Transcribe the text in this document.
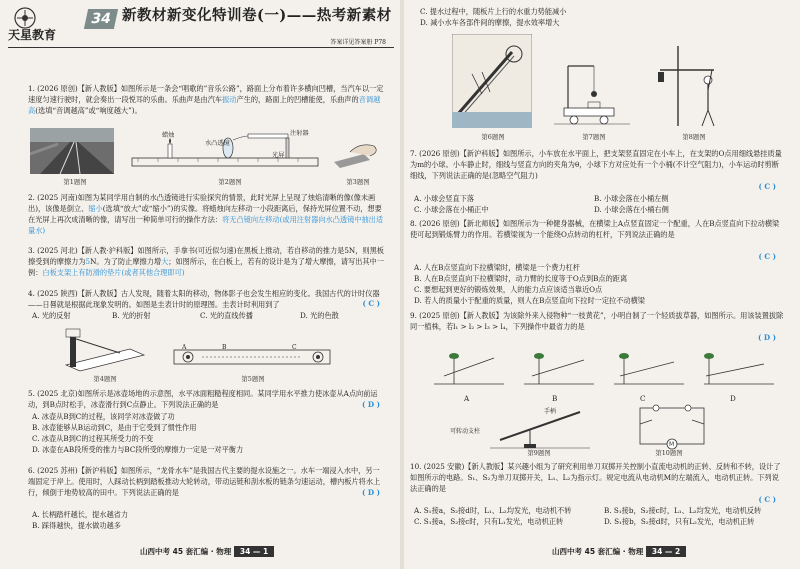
天星教育
34 新教材新变化特训卷(一)——热考新素材
答案详见答案册 P78
1. (2026 原创)【新人教版】如图所示是一条会“唱歌的”音乐公路”，路面上分布着许多横向凹槽，当汽车以一定速度匀速行驶时，就会奏出一段悦耳的乐曲。乐曲声是由汽车振动产生的，路面上的凹槽能使，乐曲声的音调越高(选填“音调越高”或“响度越大”)。
第1题图
蜡烛
水凸透镜
注射器
光屏
第2题图	第3题图
2. (2025 河南)如图为某同学用自制的水凸透镜进行实验探究的情景，此时光屏上呈现了烛焰清晰的像(像未画出)，该像是倒立、缩小(选填“放大”或“缩小”)的实像。将蜡烛向左移动一小段距离后，保持光屏位置不动，想要在光屏上再次成清晰的像，请写出一种简单可行的操作方法：将无凸镜向左移动(或用注射器向水凸透镜中抽出适量水)
3. (2025 河北)【新人教·沪科版】如图所示，手拿书(可近似匀速)在黑板上推动，若自移动的推力是5N，则黑板擦受到的摩擦力为5N。为了防止摩擦力增大；如图所示，在白板上，若有的设计是为了增大摩擦，请写出其中一例：白板支架上有防滑的垫片(或者其他合理即可)
4. (2025 陕西)【新人教版】古人发现，随着太阳的移动，物体影子也会发生相应的变化。我国古代的计时仪器——日晷就是根据此现象发明的。如图是圭表计时的原理图。圭表计时利用到了	( C )
A. 光的反射	B. 光的折射	C. 光的直线传播	D. 光的色散
第4题图
A	B	C
第5题图
5. (2025 北京)如图所示是冰壶场地的示意图，水平冰面粗糙程度相同。某同学用水平推力使冰壶从A点向前运动，到B点时松手，冰壶滑行到C点静止。下列说法正确的是	( D )
A. 冰壶从B到C的过程，该同学对冰壶做了功
B. 冰壶能够从B运动到C，是由于它受到了惯性作用
C. 冰壶从B到C的过程其所受力的不变
D. 冰壶在AB段所受的推力与BC段所受的摩擦力一定是一对平衡力
6. (2025 苏州)【新沪科版】如图所示，“龙骨水车”是我国古代主要的提水设施之一。水车一端浸入水中，另一端固定于岸上。使用时，人踩动长柄到踏板推动大轮转动，带动运链和刮水板的链条匀速运动，槽内板片将水上行，倾倒于地势较高的田中。下列说法正确的是	( D )
A. 长柄踏杆越长，提水越省力
B. 踩得越快，提水做功越多
山西中考 45 套汇编 · 物理 34 — 1
C. 提水过程中，随板片上行的水重力势能减小
D. 减小水车各部件间的摩擦，提水效率增大
第6题图	第7题图	第8题图
7. (2026 原创)【新沪科版】如图所示，小车放在水平面上，把支架竖直固定在小车上，在支架的O点用细线悬挂质量为m的小球。小车静止时，细线与竖直方向的夹角为θ，小球下方对应处有一个小桶(不计空气阻力)，小车运动时剪断细线，下列说法正确的是(忽略空气阻力)
( C )
A. 小球会竖直下落	B. 小球会落在小桶左侧
C. 小球会落在小桶正中	D. 小球会落在小桶右侧
8. (2026 原创)【新北师版】如图所示为一种健身器械，在横梁上A点竖直固定一个配重，人在B点竖直向下拉动横梁使可起到锻炼臂力的作用。若横梁视为一个能绕O点转动的杠杆，下列说法正确的是
( C )
A. 人在B点竖直向下拉横梁时，横梁是一个费力杠杆
B. 人在B点竖直向下拉横梁时，动力臂的长度等于O点到B点的距离
C. 要想起到更好的锻炼效果，人的能力点应该适当靠近O点
D. 若人的质量小于配重的质量，则人在B点竖直向下拉时一定拉不动横梁
9. (2025 原创)【新人教版】为该除外来入侵物种“一枝黄花”，小明自制了一个轻质拔草器，如图所示。用该装置拔除同一植株，若l₁ > l₂ > l₃ > l₄，下列操作中最省力的是
( D )
A	B	C	D
手柄
可转动支柱
第9题图
M
第10题图
10. (2025 安徽)【新人教版】某兴趣小组为了研究利用单刀双掷开关控制小直流电动机的正转、反转和不转，设计了如图所示的电路。S₁、S₂为单刀双掷开关，L₁、L₂为指示灯。规定电流从电动机M的左端流入，电动机正转。下列说法正确的是
( C )
A. S₁接a，S₂接d时，L₁、L₂均发光，电动机不转	B. S₁接b，S₂接c时，L₁、L₂均发光，电动机反转
C. S₁接a，S₂接c时，只有L₁发光，电动机正转	D. S₁接b，S₂接d时，只有L₂发光，电动机正转
山西中考 45 套汇编 · 物理 34 — 2
